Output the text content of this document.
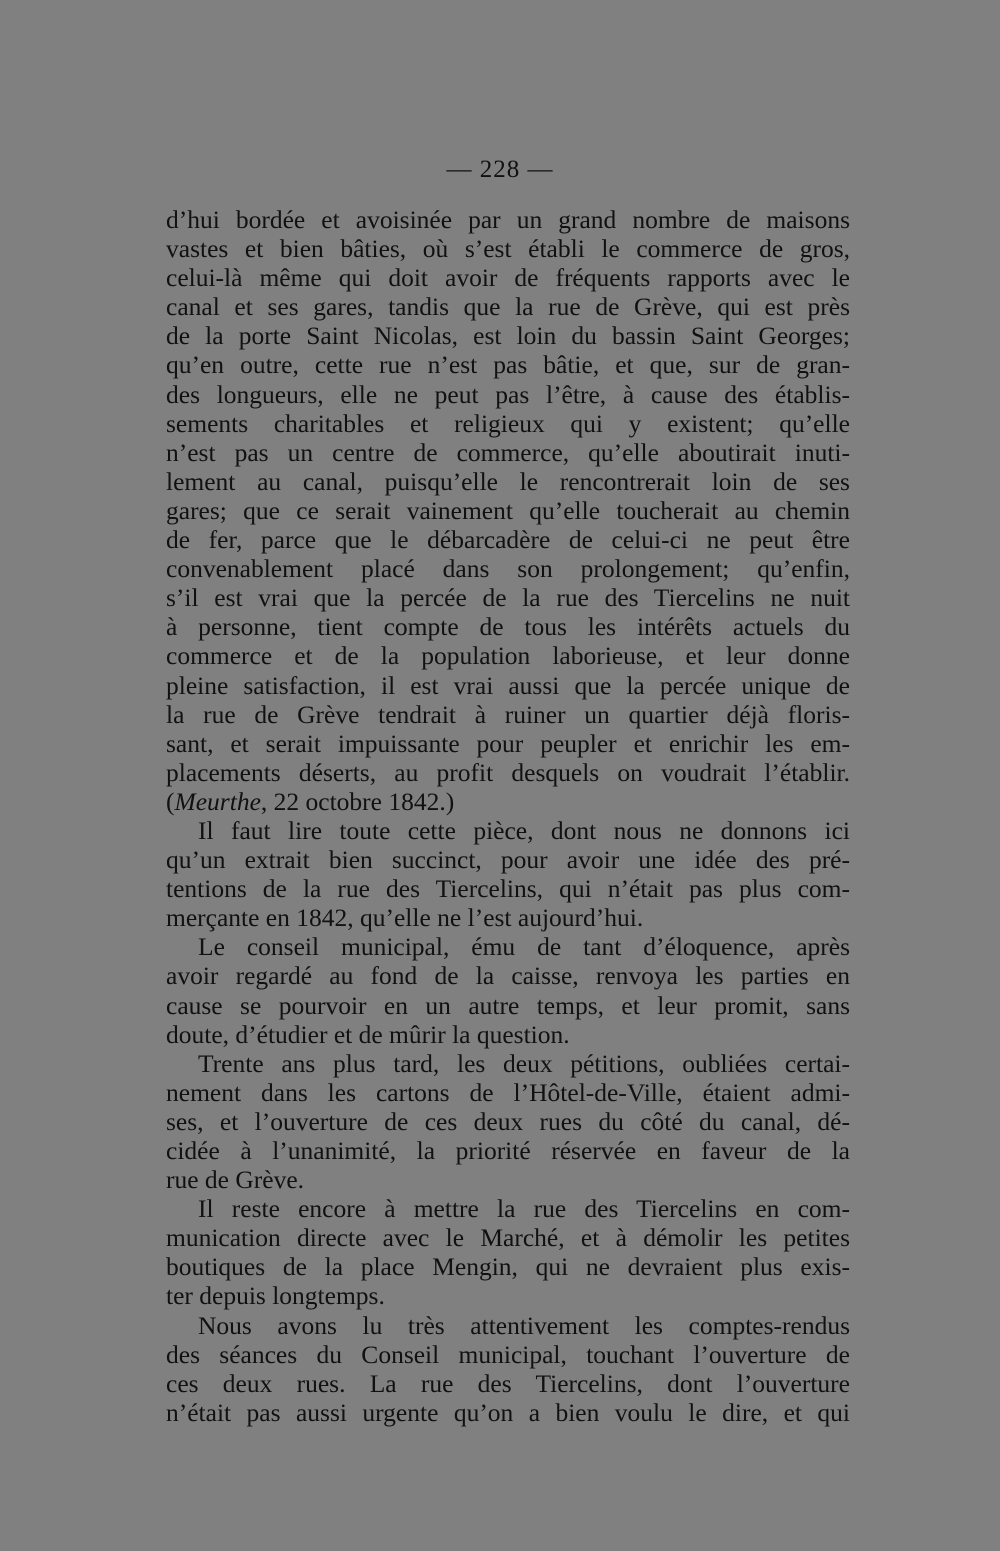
— 228 —
d’hui bordée et avoisinée par un grand nombre de maisons
vastes et bien bâties, où s’est établi le commerce de gros,
celui-là même qui doit avoir de fréquents rapports avec le
canal et ses gares, tandis que la rue de Grève, qui est près
de la porte Saint Nicolas, est loin du bassin Saint Georges;
qu’en outre, cette rue n’est pas bâtie, et que, sur de gran-
des longueurs, elle ne peut pas l’être, à cause des établis-
sements charitables et religieux qui y existent; qu’elle
n’est pas un centre de commerce, qu’elle aboutirait inuti-
lement au canal, puisqu’elle le rencontrerait loin de ses
gares; que ce serait vainement qu’elle toucherait au chemin
de fer, parce que le débarcadère de celui-ci ne peut être
convenablement placé dans son prolongement; qu’enfin,
s’il est vrai que la percée de la rue des Tiercelins ne nuit
à personne, tient compte de tous les intérêts actuels du
commerce et de la population laborieuse, et leur donne
pleine satisfaction, il est vrai aussi que la percée unique de
la rue de Grève tendrait à ruiner un quartier déjà floris-
sant, et serait impuissante pour peupler et enrichir les em-
placements déserts, au profit desquels on voudrait l’établir.
(Meurthe, 22 octobre 1842.)
Il faut lire toute cette pièce, dont nous ne donnons ici
qu’un extrait bien succinct, pour avoir une idée des pré-
tentions de la rue des Tiercelins, qui n’était pas plus com-
merçante en 1842, qu’elle ne l’est aujourd’hui.
Le conseil municipal, ému de tant d’éloquence, après
avoir regardé au fond de la caisse, renvoya les parties en
cause se pourvoir en un autre temps, et leur promit, sans
doute, d’étudier et de mûrir la question.
Trente ans plus tard, les deux pétitions, oubliées certai-
nement dans les cartons de l’Hôtel-de-Ville, étaient admi-
ses, et l’ouverture de ces deux rues du côté du canal, dé-
cidée à l’unanimité, la priorité réservée en faveur de la
rue de Grève.
Il reste encore à mettre la rue des Tiercelins en com-
munication directe avec le Marché, et à démolir les petites
boutiques de la place Mengin, qui ne devraient plus exis-
ter depuis longtemps.
Nous avons lu très attentivement les comptes-rendus
des séances du Conseil municipal, touchant l’ouverture de
ces deux rues. La rue des Tiercelins, dont l’ouverture
n’était pas aussi urgente qu’on a bien voulu le dire, et qui
